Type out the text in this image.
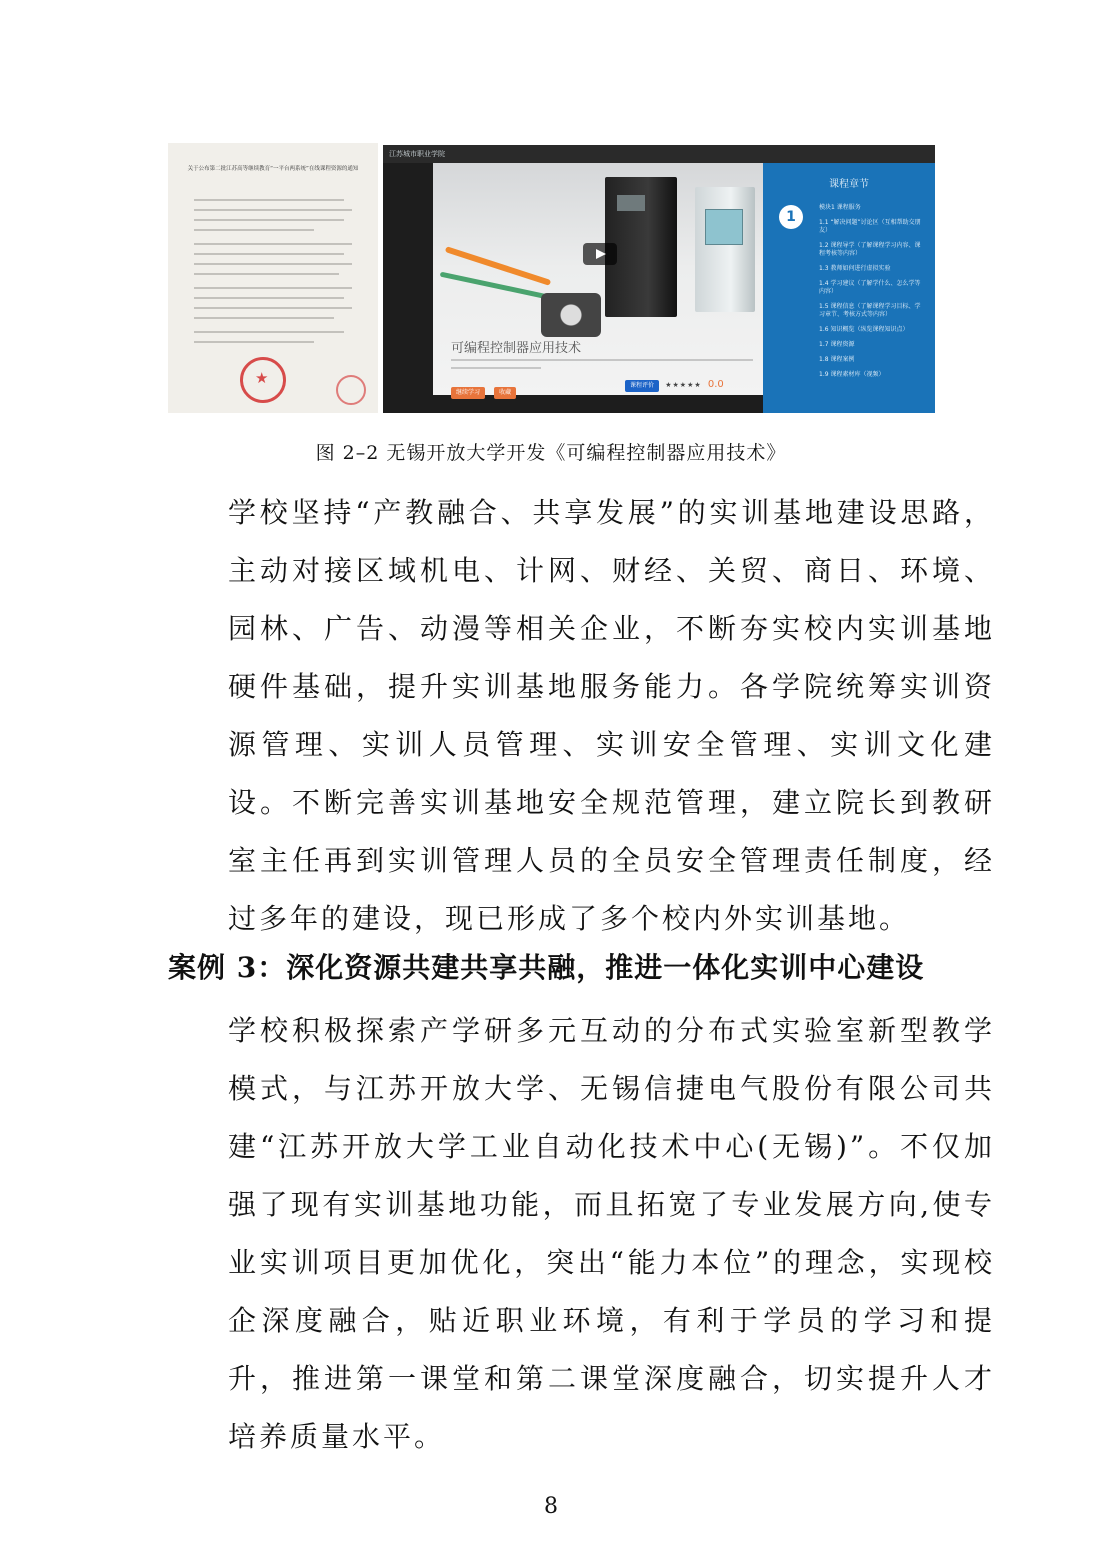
关于公布第二批江苏高等继续教育“一平台两系统”在线课程资源的通知
★
江苏城市职业学院
可编程控制器应用技术
继续学习	收藏
课程评价 ★★★★★ 0.0
课程章节
1
模块1 课程服务
1.1 “解决问题”讨论区（互相帮助交朋友）
1.2 课程导学（了解课程学习内容、课程考核等内容）
1.3 教师如何进行虚拟实验
1.4 学习建议（了解学什么、怎么学等内容）
1.5 课程信息（了解课程学习目标、学习章节、考核方式等内容）
1.6 知识概览（纵览课程知识点）
1.7 课程资源
1.8 课程案例
1.9 课程素材库（视频）
图 2–2 无锡开放大学开发《可编程控制器应用技术》

学校坚持“产教融合、共享发展”的实训基地建设思路，主动对接区域机电、计网、财经、关贸、商日、环境、园林、广告、动漫等相关企业，不断夯实校内实训基地硬件基础，提升实训基地服务能力。各学院统筹实训资源管理、实训人员管理、实训安全管理、实训文化建设。不断完善实训基地安全规范管理，建立院长到教研室主任再到实训管理人员的全员安全管理责任制度，经过多年的建设，现已形成了多个校内外实训基地。

案例 3：深化资源共建共享共融，推进一体化实训中心建设

学校积极探索产学研多元互动的分布式实验室新型教学模式，与江苏开放大学、无锡信捷电气股份有限公司共建“江苏开放大学工业自动化技术中心(无锡)”。不仅加强了现有实训基地功能，而且拓宽了专业发展方向,使专业实训项目更加优化，突出“能力本位”的理念，实现校企深度融合，贴近职业环境，有利于学员的学习和提升，推进第一课堂和第二课堂深度融合，切实提升人才培养质量水平。

8
